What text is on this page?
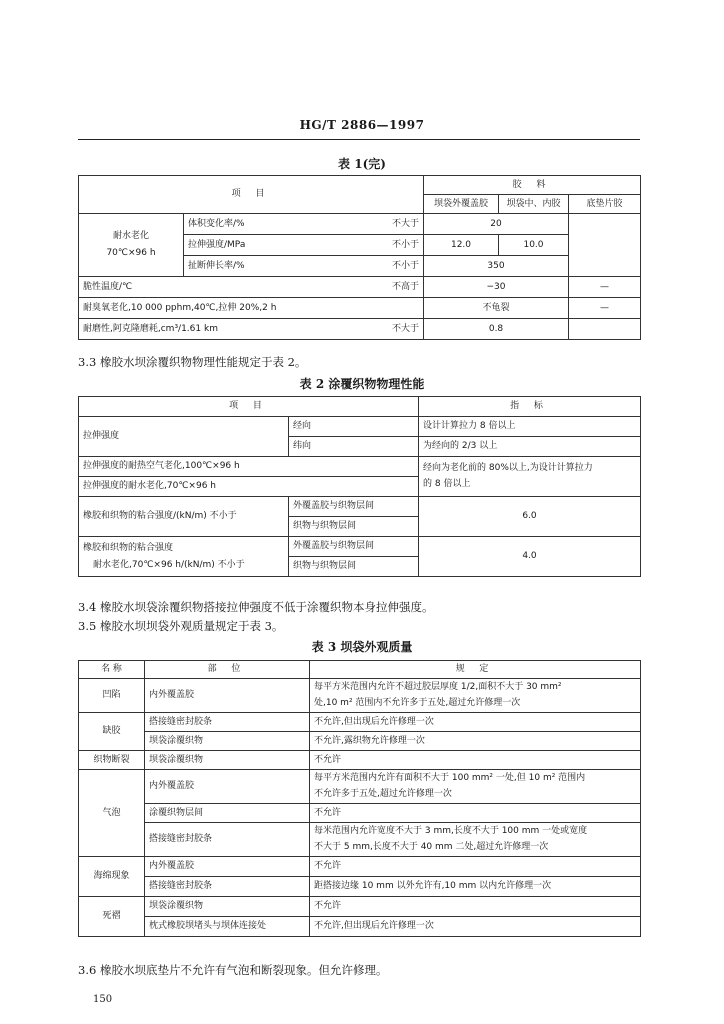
HG/T 2886—1997
表 1(完)
项 目			胶 料		
			坝袋外覆盖胶	坝袋中、内胶	底垫片胶

耐水老化
70℃×96 h	体积变化率/%	不大于	20		
	拉伸强度/MPa	不小于	12.0	10.0	
	扯断伸长率/%	不小于	350		
脆性温度/℃		不高于	−30		—
耐臭氧老化,10 000 pphm,40℃,拉伸 20%,2 h			不龟裂		—
耐磨性,阿克隆磨耗,cm³/1.61 km		不大于	0.8		
3.3 橡胶水坝涂覆织物物理性能规定于表 2。
表 2 涂覆织物物理性能
项 目		指 标
拉伸强度	经向	设计计算拉力 8 倍以上
	纬向	为经向的 2/3 以上
拉伸强度的耐热空气老化,100℃×96 h		经向为老化前的 80%以上,为设计计算拉力
的 8 倍以上

拉伸强度的耐水老化,70℃×96 h		
橡胶和织物的粘合强度/(kN/m) 不小于	外覆盖胶与织物层间	6.0
	织物与织物层间	

橡胶和织物的粘合强度
耐水老化,70℃×96 h/(kN/m) 不小于	外覆盖胶与织物层间	4.0
	织物与织物层间	
3.4 橡胶水坝袋涂覆织物搭接拉伸强度不低于涂覆织物本身拉伸强度。
3.5 橡胶水坝坝袋外观质量规定于表 3。
表 3 坝袋外观质量
名 称	部 位	规 定
凹陷	内外覆盖胶	每平方米范围内允许不超过胶层厚度 1/2,面积不大于 30 mm²
处,10 m² 范围内不允许多于五处,超过允许修理一次

缺胶	搭接缝密封胶条	不允许,但出现后允许修理一次
	坝袋涂覆织物	不允许,露织物允许修理一次
织物断裂	坝袋涂覆织物	不允许
气泡	内外覆盖胶	每平方米范围内允许有面积不大于 100 mm² 一处,但 10 m² 范围内
不允许多于五处,超过允许修理一次

	涂覆织物层间	不允许
	搭接缝密封胶条	每米范围内允许宽度不大于 3 mm,长度不大于 100 mm 一处或宽度
不大于 5 mm,长度不大于 40 mm 二处,超过允许修理一次

海绵现象	内外覆盖胶	不允许
	搭接缝密封胶条	距搭接边缘 10 mm 以外允许有,10 mm 以内允许修理一次
死褶	坝袋涂覆织物	不允许
	枕式橡胶坝堵头与坝体连接处	不允许,但出现后允许修理一次
3.6 橡胶水坝底垫片不允许有气泡和断裂现象。但允许修理。
150
